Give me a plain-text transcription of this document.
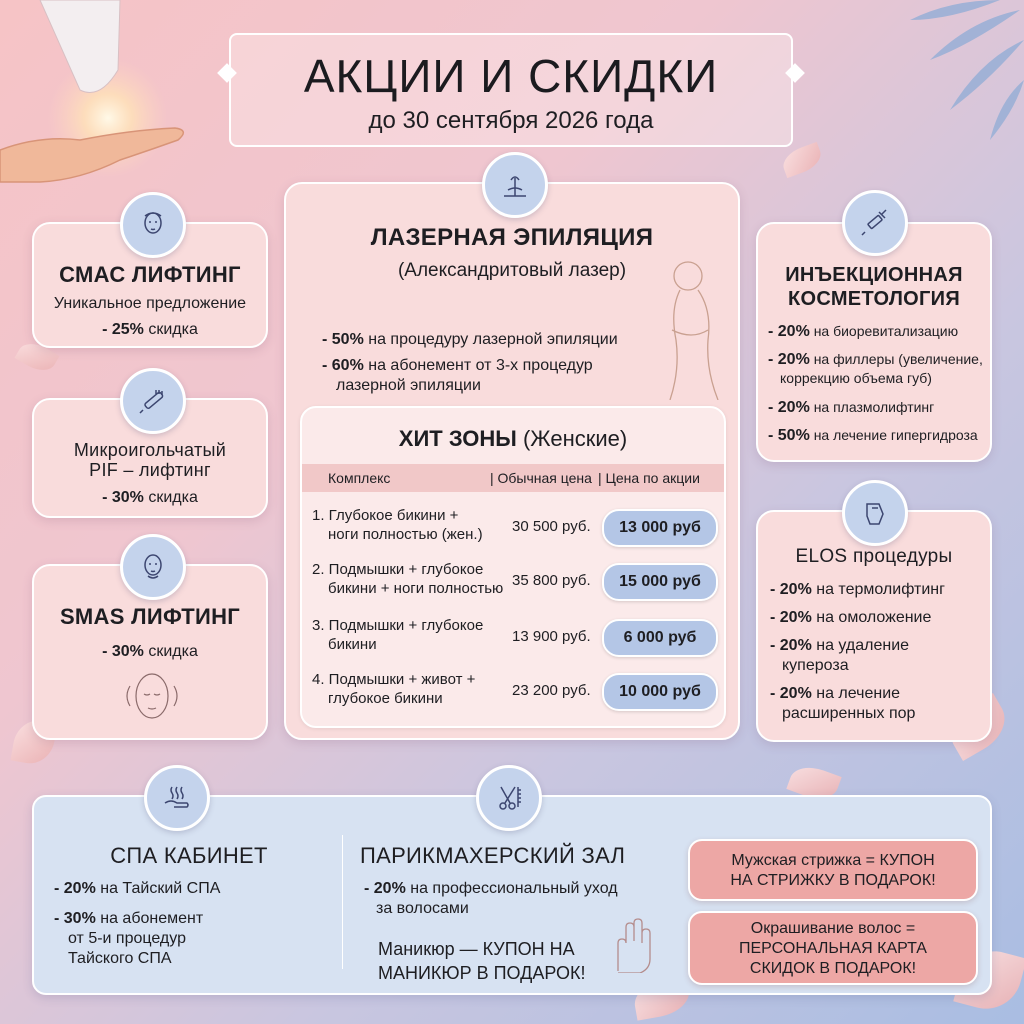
АКЦИИ И СКИДКИ
до 30 сентября 2026 года
СМАС ЛИФТИНГ
Уникальное предложение
- 25% скидка
Микроигольчатый
PIF – лифтинг
- 30% скидка
SMAS ЛИФТИНГ
- 30% скидка
ЛАЗЕРНАЯ ЭПИЛЯЦИЯ
(Александритовый лазер)
- 50% на процедуру лазерной эпиляции
- 60% на абонемент от 3-х процедур
лазерной эпиляции
ХИТ ЗОНЫ (Женские)
Комплекс	| Обычная цена | Цена по акции
1. Глубокое бикини +
ноги полностью (жен.) 30 500 руб.	13 000 руб
2. Подмышки + глубокое
бикини + ноги полностью 35 800 руб.	15 000 руб
3. Подмышки + глубокое
бикини	13 900 руб.	6 000 руб
4. Подмышки + живот +
глубокое бикини	23 200 руб.	10 000 руб
ИНЪЕКЦИОННАЯ
КОСМЕТОЛОГИЯ
- 20% на биоревитализацию
- 20% на филлеры (увеличение,
коррекцию объема губ)
- 20% на плазмолифтинг
- 50% на лечение гипергидроза
ELOS процедуры
- 20% на термолифтинг
- 20% на омоложение
- 20% на удаление
купероза
- 20% на лечение
расширенных пор
СПА КАБИНЕТ
- 20% на Тайский СПА
- 30% на абонемент
от 5-и процедур
Тайского СПА
ПАРИКМАХЕРСКИЙ ЗАЛ
- 20% на профессиональный уход
за волосами
Маникюр — КУПОН НА
МАНИКЮР В ПОДАРОК!
Мужская стрижка = КУПОН
НА СТРИЖКУ В ПОДАРОК!
Окрашивание волос =
ПЕРСОНАЛЬНАЯ КАРТА
СКИДОК В ПОДАРОК!
